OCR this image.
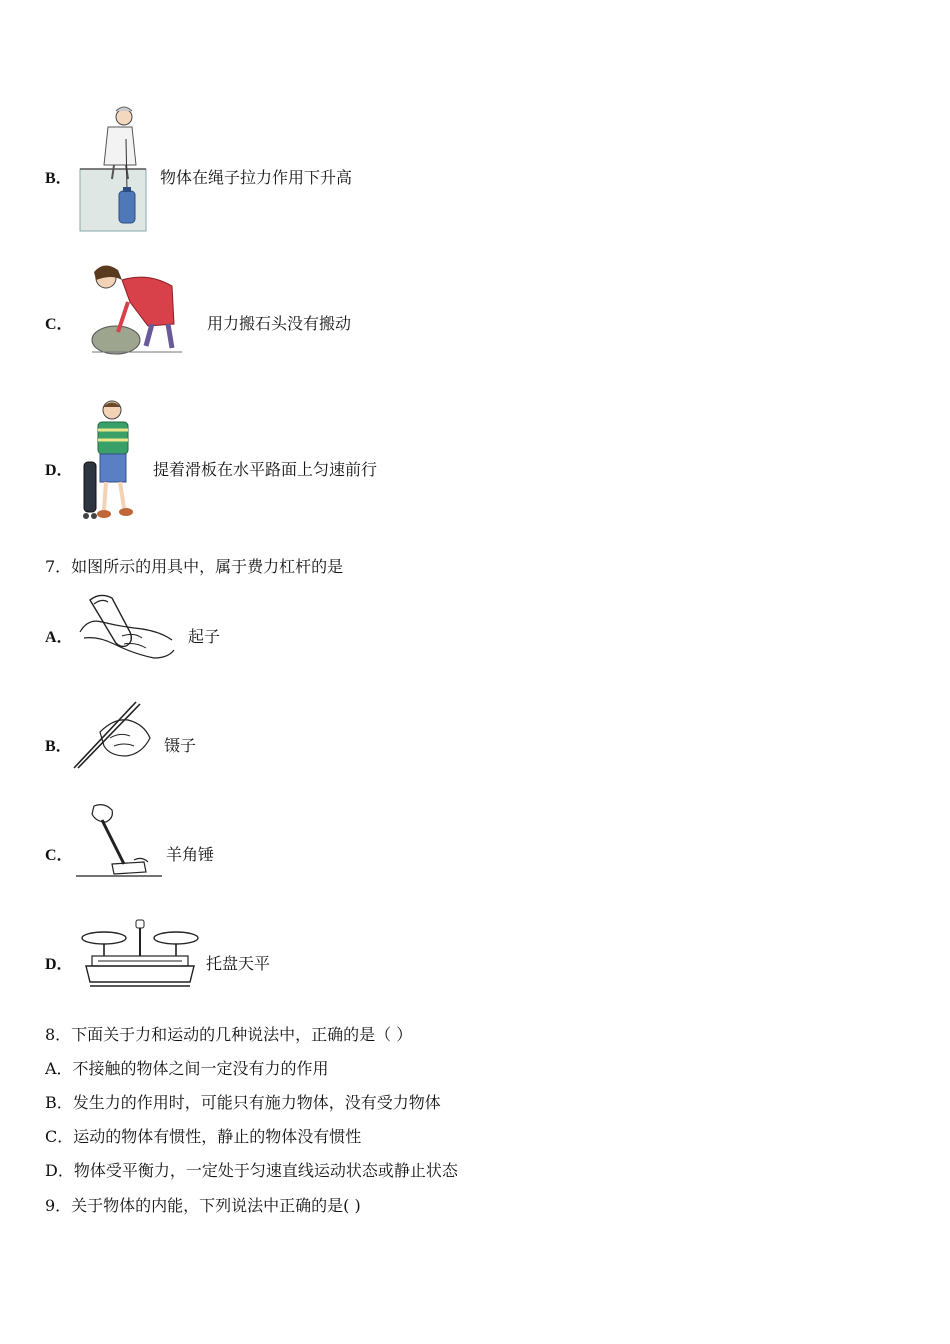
B．	物体在绳子拉力作用下升高
C．	用力搬石头没有搬动
D．	提着滑板在水平路面上匀速前行
7．如图所示的用具中，属于费力杠杆的是
A．	起子
B．	镊子
C．	羊角锤
D．	托盘天平
8．下面关于力和运动的几种说法中，正确的是（ ）
A．不接触的物体之间一定没有力的作用
B．发生力的作用时，可能只有施力物体，没有受力物体
C．运动的物体有惯性，静止的物体没有惯性
D．物体受平衡力，一定处于匀速直线运动状态或静止状态
9．关于物体的内能，下列说法中正确的是( )
